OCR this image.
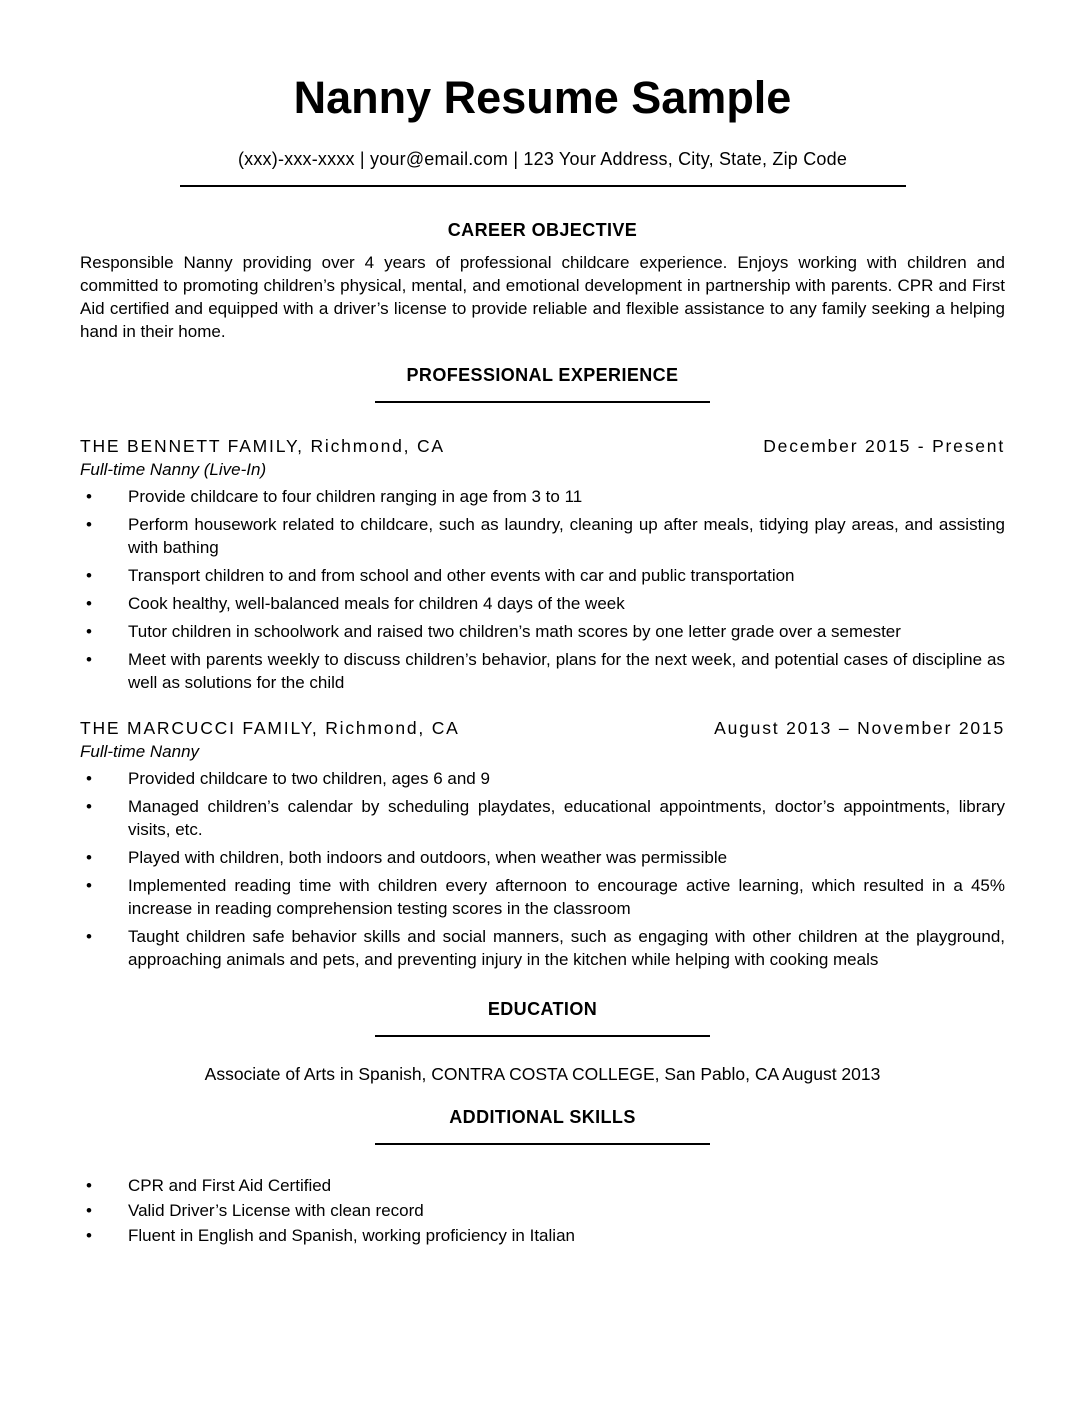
Nanny Resume Sample
(xxx)-xxx-xxxx | your@email.com | 123 Your Address, City, State, Zip Code
CAREER OBJECTIVE

Responsible Nanny providing over 4 years of professional childcare experience. Enjoys working with children and committed to promoting children’s physical, mental, and emotional development in partnership with parents. CPR and First Aid certified and equipped with a driver’s license to provide reliable and flexible assistance to any family seeking a helping hand in their home.

PROFESSIONAL EXPERIENCE
THE BENNETT FAMILY, Richmond, CA	December 2015 - Present
Full-time Nanny (Live-In)
• Provide childcare to four children ranging in age from 3 to 11
• Perform housework related to childcare, such as laundry, cleaning up after meals, tidying play areas, and assisting with bathing
• Transport children to and from school and other events with car and public transportation
• Cook healthy, well-balanced meals for children 4 days of the week
• Tutor children in schoolwork and raised two children’s math scores by one letter grade over a semester
• Meet with parents weekly to discuss children’s behavior, plans for the next week, and potential cases of discipline as well as solutions for the child
THE MARCUCCI FAMILY, Richmond, CA	August 2013 – November 2015
Full-time Nanny
• Provided childcare to two children, ages 6 and 9
• Managed children’s calendar by scheduling playdates, educational appointments, doctor’s appointments, library visits, etc.
• Played with children, both indoors and outdoors, when weather was permissible
• Implemented reading time with children every afternoon to encourage active learning, which resulted in a 45% increase in reading comprehension testing scores in the classroom
• Taught children safe behavior skills and social manners, such as engaging with other children at the playground, approaching animals and pets, and preventing injury in the kitchen while helping with cooking meals
EDUCATION
Associate of Arts in Spanish, CONTRA COSTA COLLEGE, San Pablo, CA August 2013
ADDITIONAL SKILLS
• CPR and First Aid Certified
• Valid Driver’s License with clean record
• Fluent in English and Spanish, working proficiency in Italian
